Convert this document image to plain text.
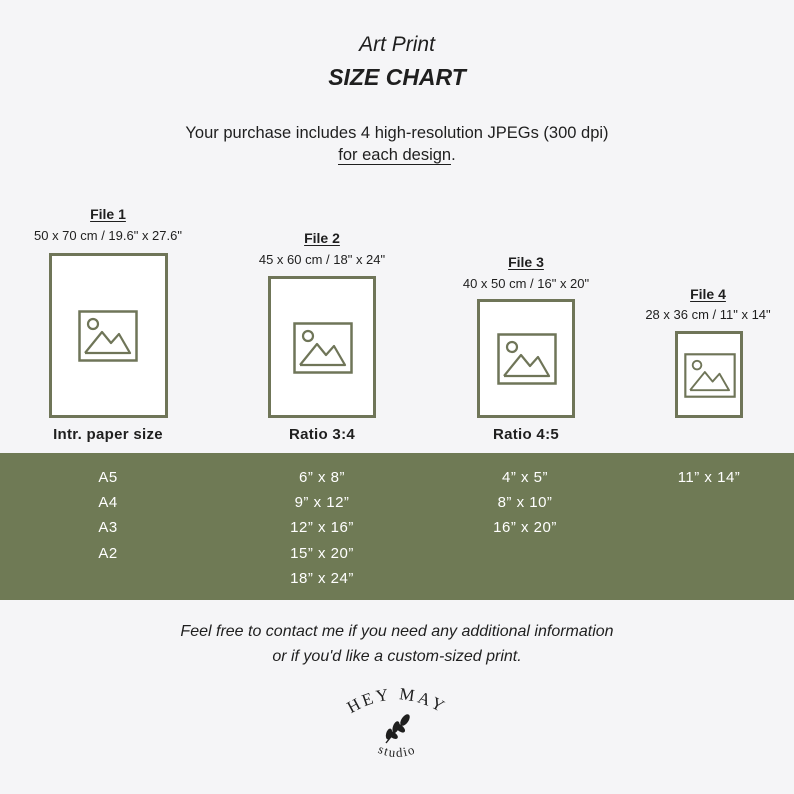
Art Print
SIZE CHART
Your purchase includes 4 high-resolution JPEGs (300 dpi)
for each design.
File 1
50 x 70 cm / 19.6" x 27.6"
Intr. paper size
File 2
45 x 60 cm / 18" x 24"
Ratio 3:4
File 3
40 x 50 cm / 16" x 20"
Ratio 4:5
File 4
28 x 36 cm / 11" x 14"
A5
A4
A3
A2
6” x 8”
9” x 12”
12” x 16”
15” x 20”
18” x 24”
4” x 5”
8” x 10”
16” x 20”
11” x 14”
Feel free to contact me if you need any additional information
or if you'd like a custom-sized print.
HEY MAY
studio
